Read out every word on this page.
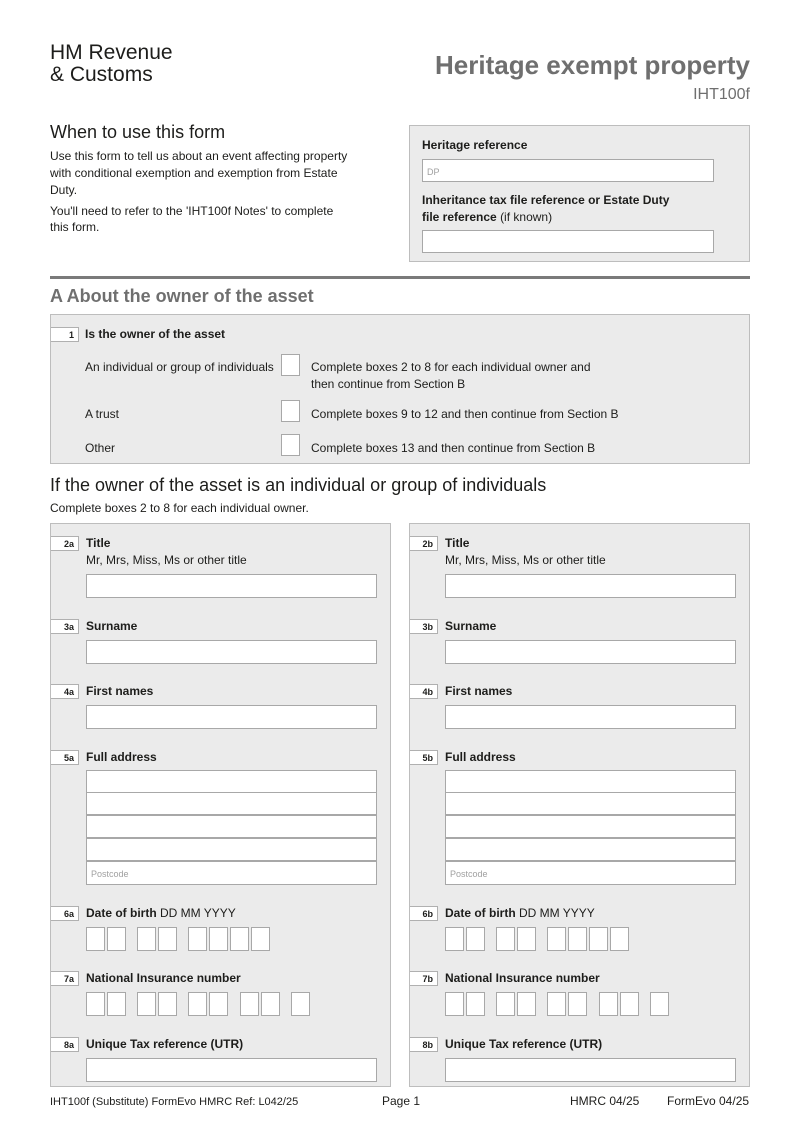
HM Revenue
& Customs	Heritage exempt property
IHT100f
When to use this form
Use this form to tell us about an event affecting property with conditional exemption and exemption from Estate Duty.
You'll need to refer to the 'IHT100f Notes' to complete this form.
Heritage reference
DP
Inheritance tax file reference or Estate Duty file reference (if known)
A About the owner of the asset
1 Is the owner of the asset
An individual or group of individuals	Complete boxes 2 to 8 for each individual owner and then continue from Section B
A trust	Complete boxes 9 to 12 and then continue from Section B
Other	Complete boxes 13 and then continue from Section B
If the owner of the asset is an individual or group of individuals
Complete boxes 2 to 8 for each individual owner.
2a	Title
Mr, Mrs, Miss, Ms or other title
3a	Surname
4a	First names
5a	Full address
Postcode
6a	Date of birth DD MM YYYY
7a	National Insurance number
8a	Unique Tax reference (UTR)
2b	Title
Mr, Mrs, Miss, Ms or other title
3b	Surname
4b	First names
5b	Full address
Postcode
6b	Date of birth DD MM YYYY
7b	National Insurance number
8b	Unique Tax reference (UTR)
IHT100f (Substitute) FormEvo HMRC Ref: L042/25	Page 1	HMRC 04/25 FormEvo 04/25
